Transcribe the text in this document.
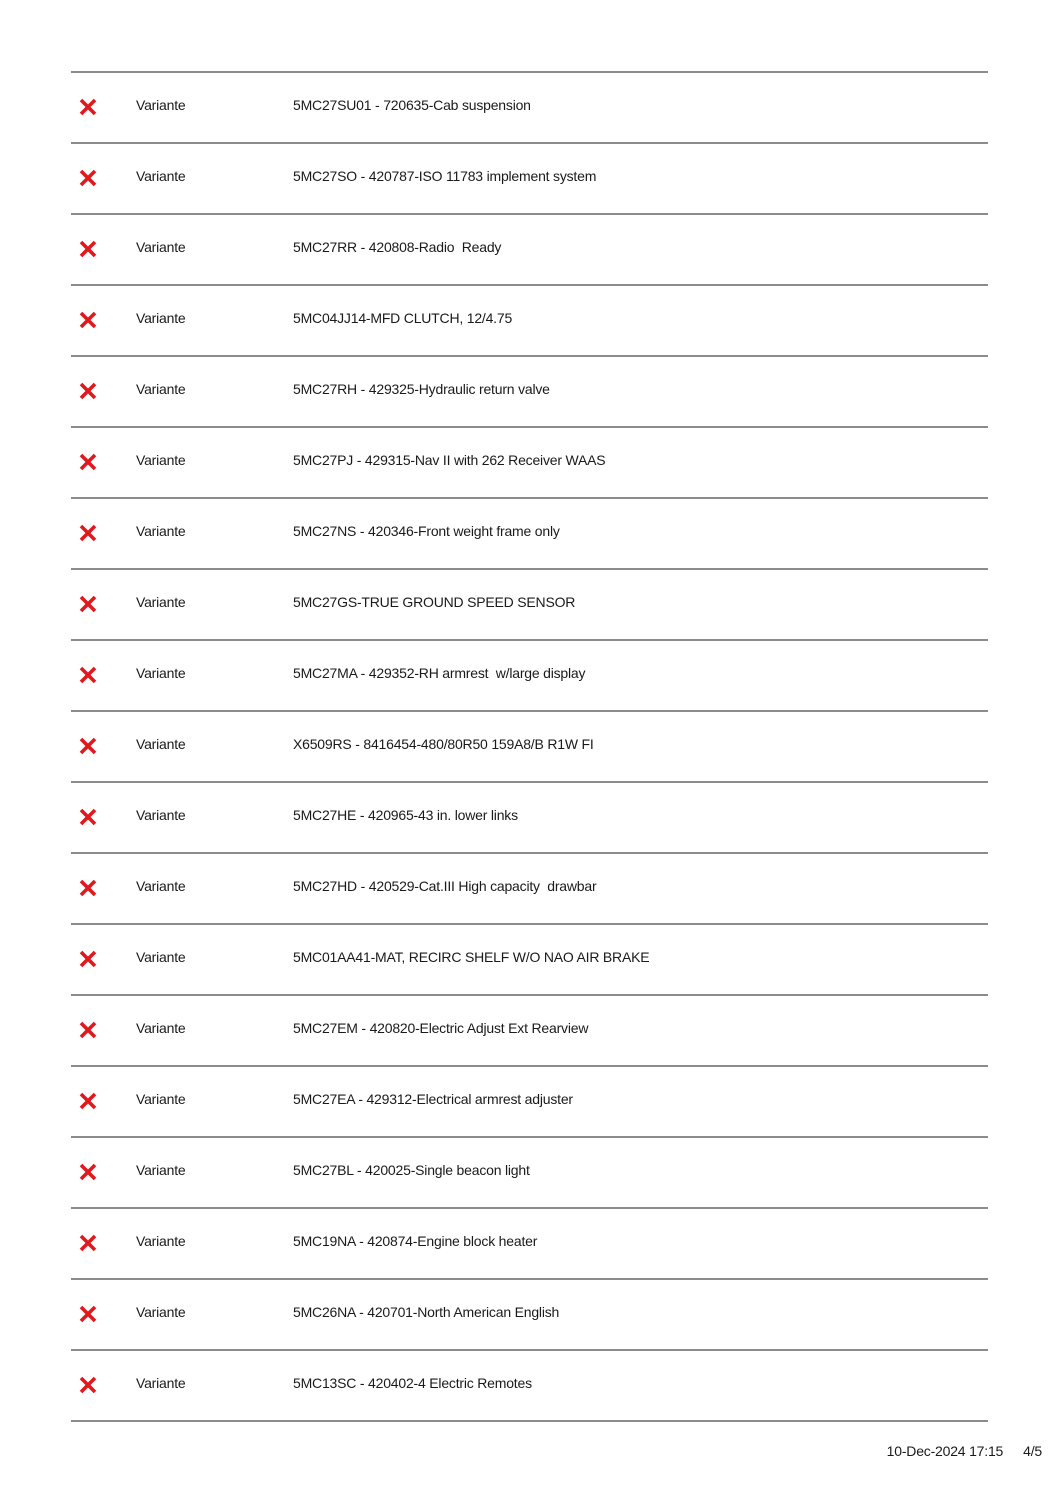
Variante	5MC27SU01 - 720635-Cab suspension
Variante	5MC27SO - 420787-ISO 11783 implement system
Variante	5MC27RR - 420808-Radio  Ready
Variante	5MC04JJ14-MFD CLUTCH, 12/4.75
Variante	5MC27RH - 429325-Hydraulic return valve
Variante	5MC27PJ - 429315-Nav II with 262 Receiver WAAS
Variante	5MC27NS - 420346-Front weight frame only
Variante	5MC27GS-TRUE GROUND SPEED SENSOR
Variante	5MC27MA - 429352-RH armrest  w/large display
Variante	X6509RS - 8416454-480/80R50 159A8/B R1W FI
Variante	5MC27HE - 420965-43 in. lower links
Variante	5MC27HD - 420529-Cat.III High capacity  drawbar
Variante	5MC01AA41-MAT, RECIRC SHELF W/O NAO AIR BRAKE
Variante	5MC27EM - 420820-Electric Adjust Ext Rearview
Variante	5MC27EA - 429312-Electrical armrest adjuster
Variante	5MC27BL - 420025-Single beacon light
Variante	5MC19NA - 420874-Engine block heater
Variante	5MC26NA - 420701-North American English
Variante	5MC13SC - 420402-4 Electric Remotes
10-Dec-2024 17:15 4/5
